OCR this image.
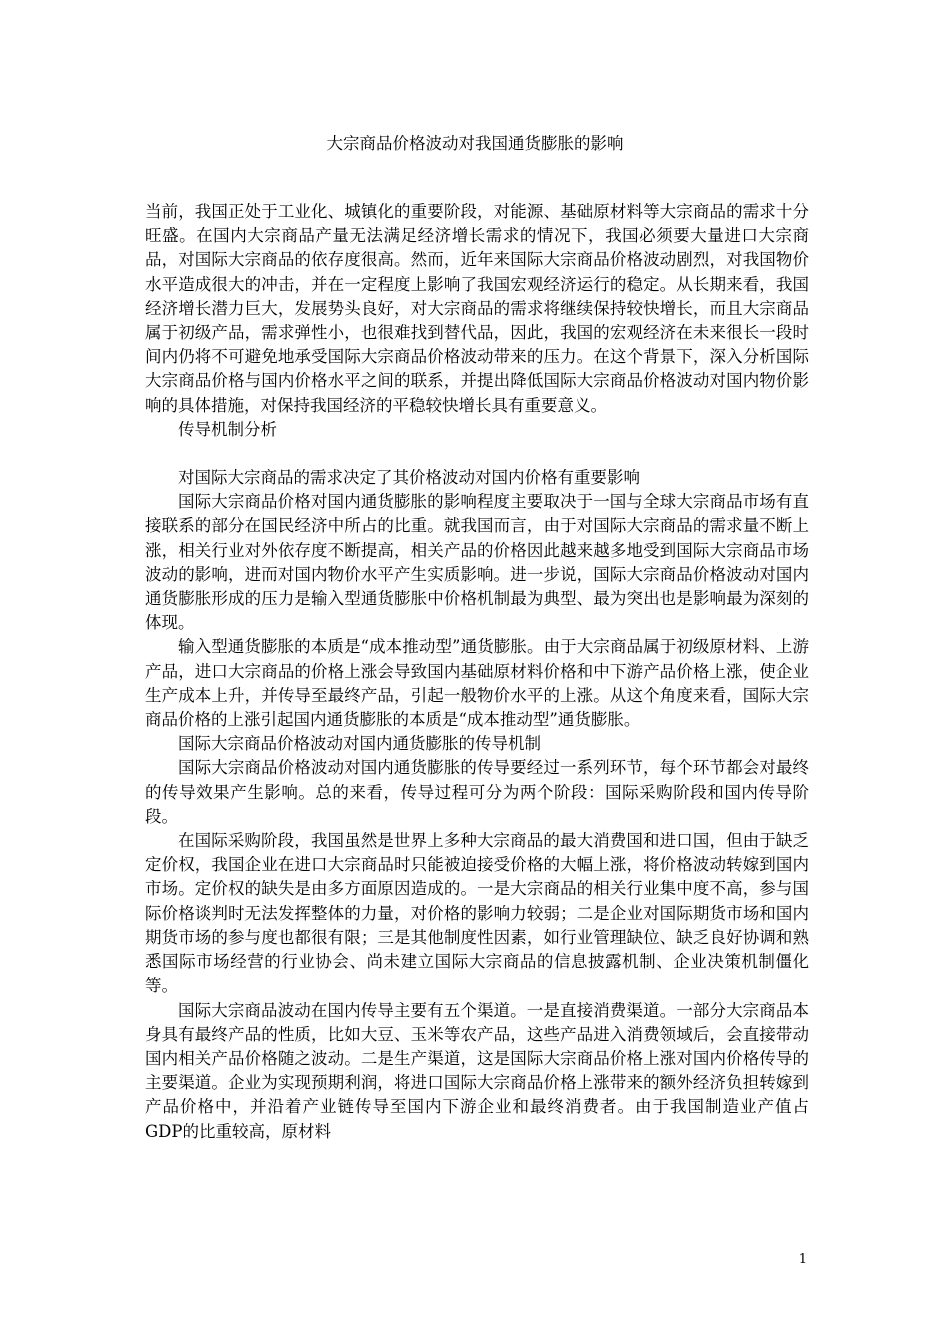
大宗商品价格波动对我国通货膨胀的影响

当前，我国正处于工业化、城镇化的重要阶段，对能源、基础原材料等大宗商品的需求十分旺盛。在国内大宗商品产量无法满足经济增长需求的情况下，我国必须要大量进口大宗商品，对国际大宗商品的依存度很高。然而，近年来国际大宗商品价格波动剧烈，对我国物价水平造成很大的冲击，并在一定程度上影响了我国宏观经济运行的稳定。从长期来看，我国经济增长潜力巨大，发展势头良好，对大宗商品的需求将继续保持较快增长，而且大宗商品属于初级产品，需求弹性小，也很难找到替代品，因此，我国的宏观经济在未来很长一段时间内仍将不可避免地承受国际大宗商品价格波动带来的压力。在这个背景下，深入分析国际大宗商品价格与国内价格水平之间的联系，并提出降低国际大宗商品价格波动对国内物价影响的具体措施，对保持我国经济的平稳较快增长具有重要意义。

传导机制分析

对国际大宗商品的需求决定了其价格波动对国内价格有重要影响

国际大宗商品价格对国内通货膨胀的影响程度主要取决于一国与全球大宗商品市场有直接联系的部分在国民经济中所占的比重。就我国而言，由于对国际大宗商品的需求量不断上涨，相关行业对外依存度不断提高，相关产品的价格因此越来越多地受到国际大宗商品市场波动的影响，进而对国内物价水平产生实质影响。进一步说，国际大宗商品价格波动对国内通货膨胀形成的压力是输入型通货膨胀中价格机制最为典型、最为突出也是影响最为深刻的体现。

输入型通货膨胀的本质是“成本推动型”通货膨胀。由于大宗商品属于初级原材料、上游产品，进口大宗商品的价格上涨会导致国内基础原材料价格和中下游产品价格上涨，使企业生产成本上升，并传导至最终产品，引起一般物价水平的上涨。从这个角度来看，国际大宗商品价格的上涨引起国内通货膨胀的本质是“成本推动型”通货膨胀。

国际大宗商品价格波动对国内通货膨胀的传导机制

国际大宗商品价格波动对国内通货膨胀的传导要经过一系列环节，每个环节都会对最终的传导效果产生影响。总的来看，传导过程可分为两个阶段：国际采购阶段和国内传导阶段。

在国际采购阶段，我国虽然是世界上多种大宗商品的最大消费国和进口国，但由于缺乏定价权，我国企业在进口大宗商品时只能被迫接受价格的大幅上涨，将价格波动转嫁到国内市场。定价权的缺失是由多方面原因造成的。一是大宗商品的相关行业集中度不高，参与国际价格谈判时无法发挥整体的力量，对价格的影响力较弱；二是企业对国际期货市场和国内期货市场的参与度也都很有限；三是其他制度性因素，如行业管理缺位、缺乏良好协调和熟悉国际市场经营的行业协会、尚未建立国际大宗商品的信息披露机制、企业决策机制僵化等。

国际大宗商品波动在国内传导主要有五个渠道。一是直接消费渠道。一部分大宗商品本身具有最终产品的性质，比如大豆、玉米等农产品，这些产品进入消费领域后，会直接带动国内相关产品价格随之波动。二是生产渠道，这是国际大宗商品价格上涨对国内价格传导的主要渠道。企业为实现预期利润，将进口国际大宗商品价格上涨带来的额外经济负担转嫁到产品价格中，并沿着产业链传导至国内下游企业和最终消费者。由于我国制造业产值占GDP的比重较高，原材料

1
